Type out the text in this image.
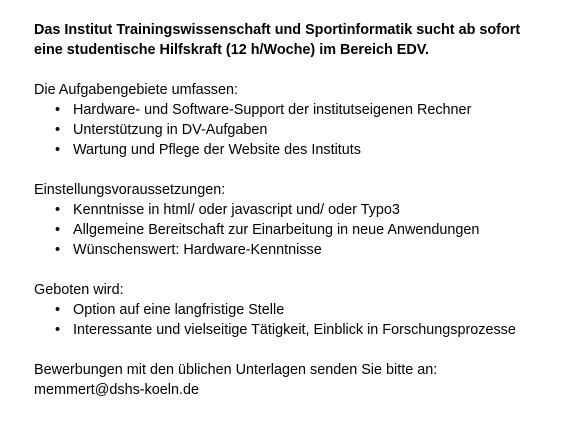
Das Institut Trainingswissenschaft und Sportinformatik sucht ab sofort eine studentische Hilfskraft (12 h/Woche) im Bereich EDV.

Die Aufgabengebiete umfassen:

• Hardware- und Software-Support der institutseigenen Rechner
• Unterstützung in DV-Aufgaben
• Wartung und Pflege der Website des Instituts

Einstellungsvoraussetzungen:

• Kenntnisse in html/ oder javascript und/ oder Typo3
• Allgemeine Bereitschaft zur Einarbeitung in neue Anwendungen
• Wünschenswert: Hardware-Kenntnisse

Geboten wird:

• Option auf eine langfristige Stelle
• Interessante und vielseitige Tätigkeit, Einblick in Forschungsprozesse

Bewerbungen mit den üblichen Unterlagen senden Sie bitte an:

memmert@dshs-koeln.de
